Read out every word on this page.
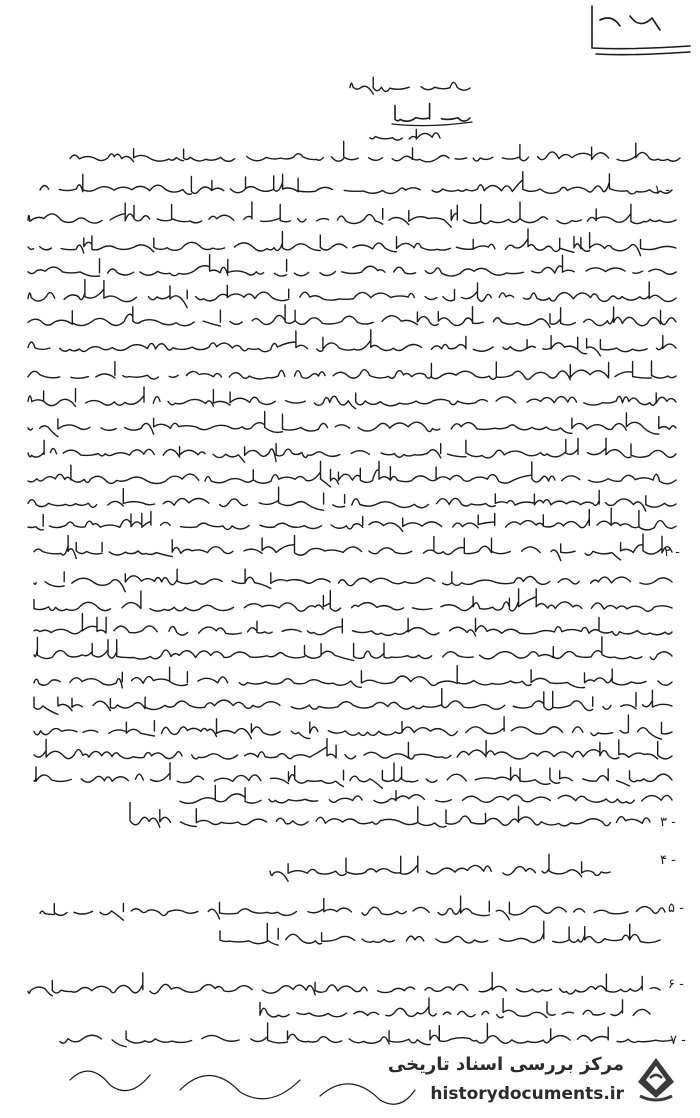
۱ -
۲ -
۳ -
۴ -
۵ -
۶ -
۷ -
مرکز بررسی اسناد تاریخی
historydocuments.ir
